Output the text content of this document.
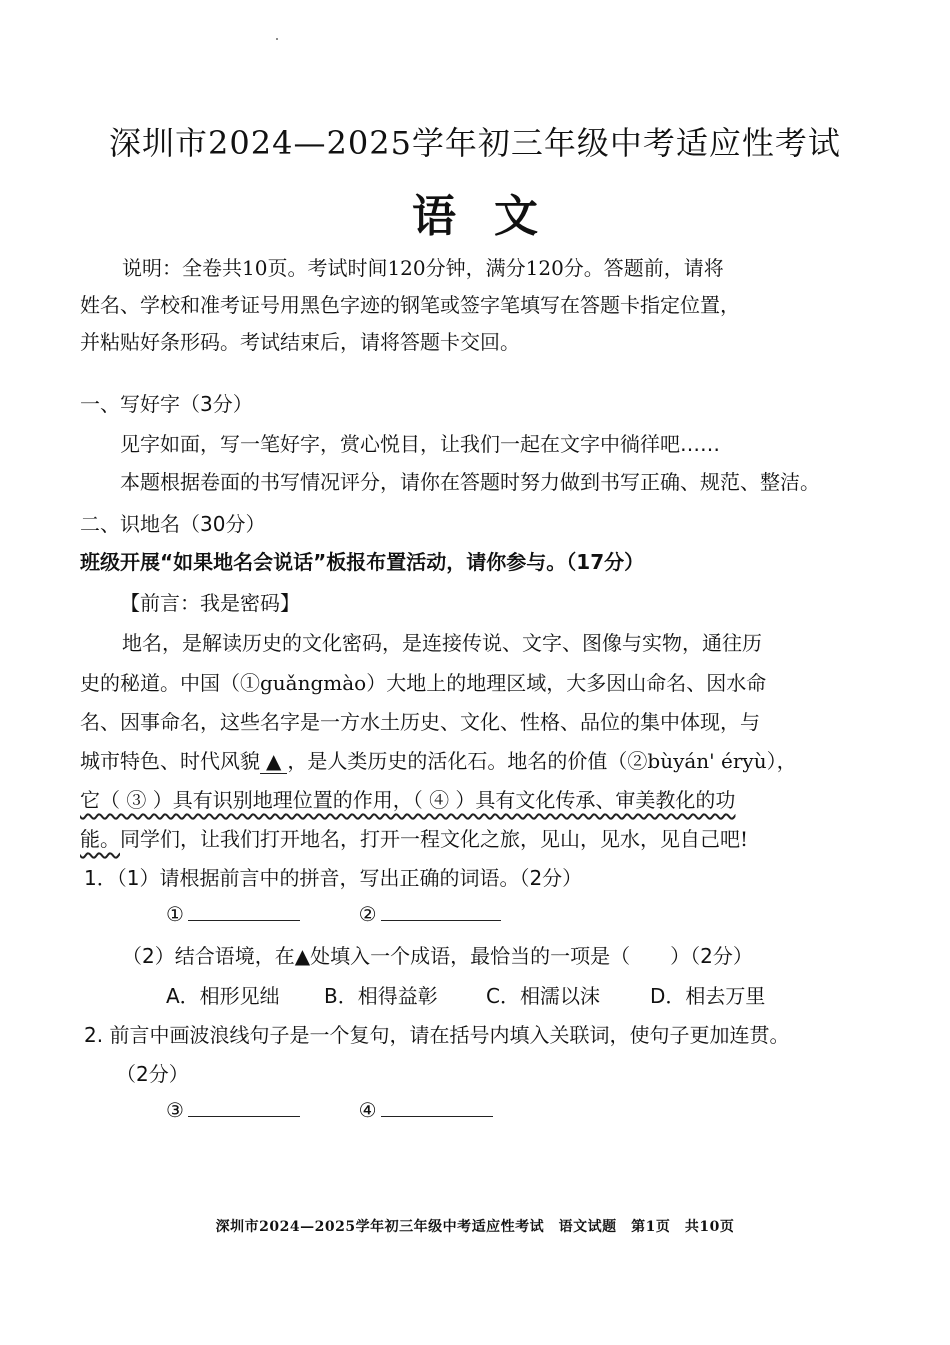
深圳市2024—2025学年初三年级中考适应性考试
语文
说明：全卷共10页。考试时间120分钟，满分120分。答题前，请将
姓名、学校和准考证号用黑色字迹的钢笔或签字笔填写在答题卡指定位置，
并粘贴好条形码。考试结束后，请将答题卡交回。
一、写好字（3分）
见字如面，写一笔好字，赏心悦目，让我们一起在文字中徜徉吧……
本题根据卷面的书写情况评分，请你在答题时努力做到书写正确、规范、整洁。
二、识地名（30分）
班级开展“如果地名会说话”板报布置活动，请你参与。（17分）
【前言：我是密码】
地名，是解读历史的文化密码，是连接传说、文字、图像与实物，通往历
史的秘道。中国（①guǎngmào）大地上的地理区域，大多因山命名、因水命
名、因事命名，这些名字是一方水土历史、文化、性格、品位的集中体现，与
城市特色、时代风貌 ▲ ，是人类历史的活化石。地名的价值（②bùyán' éryù），
它（ ③ ）具有识别地理位置的作用，（ ④ ）具有文化传承、审美教化的功
能。同学们，让我们打开地名，打开一程文化之旅，见山，见水，见自己吧!
1．（1）请根据前言中的拼音，写出正确的词语。（2分）
①	②
（2）结合语境，在▲处填入一个成语，最恰当的一项是（　　）（2分）
A．相形见绌 B．相得益彰 C．相濡以沫	D．相去万里
2. 前言中画波浪线句子是一个复句，请在括号内填入关联词，使句子更加连贯。
（2分）
③	④
深圳市2024—2025学年初三年级中考适应性考试　语文试题　第1页　共10页
